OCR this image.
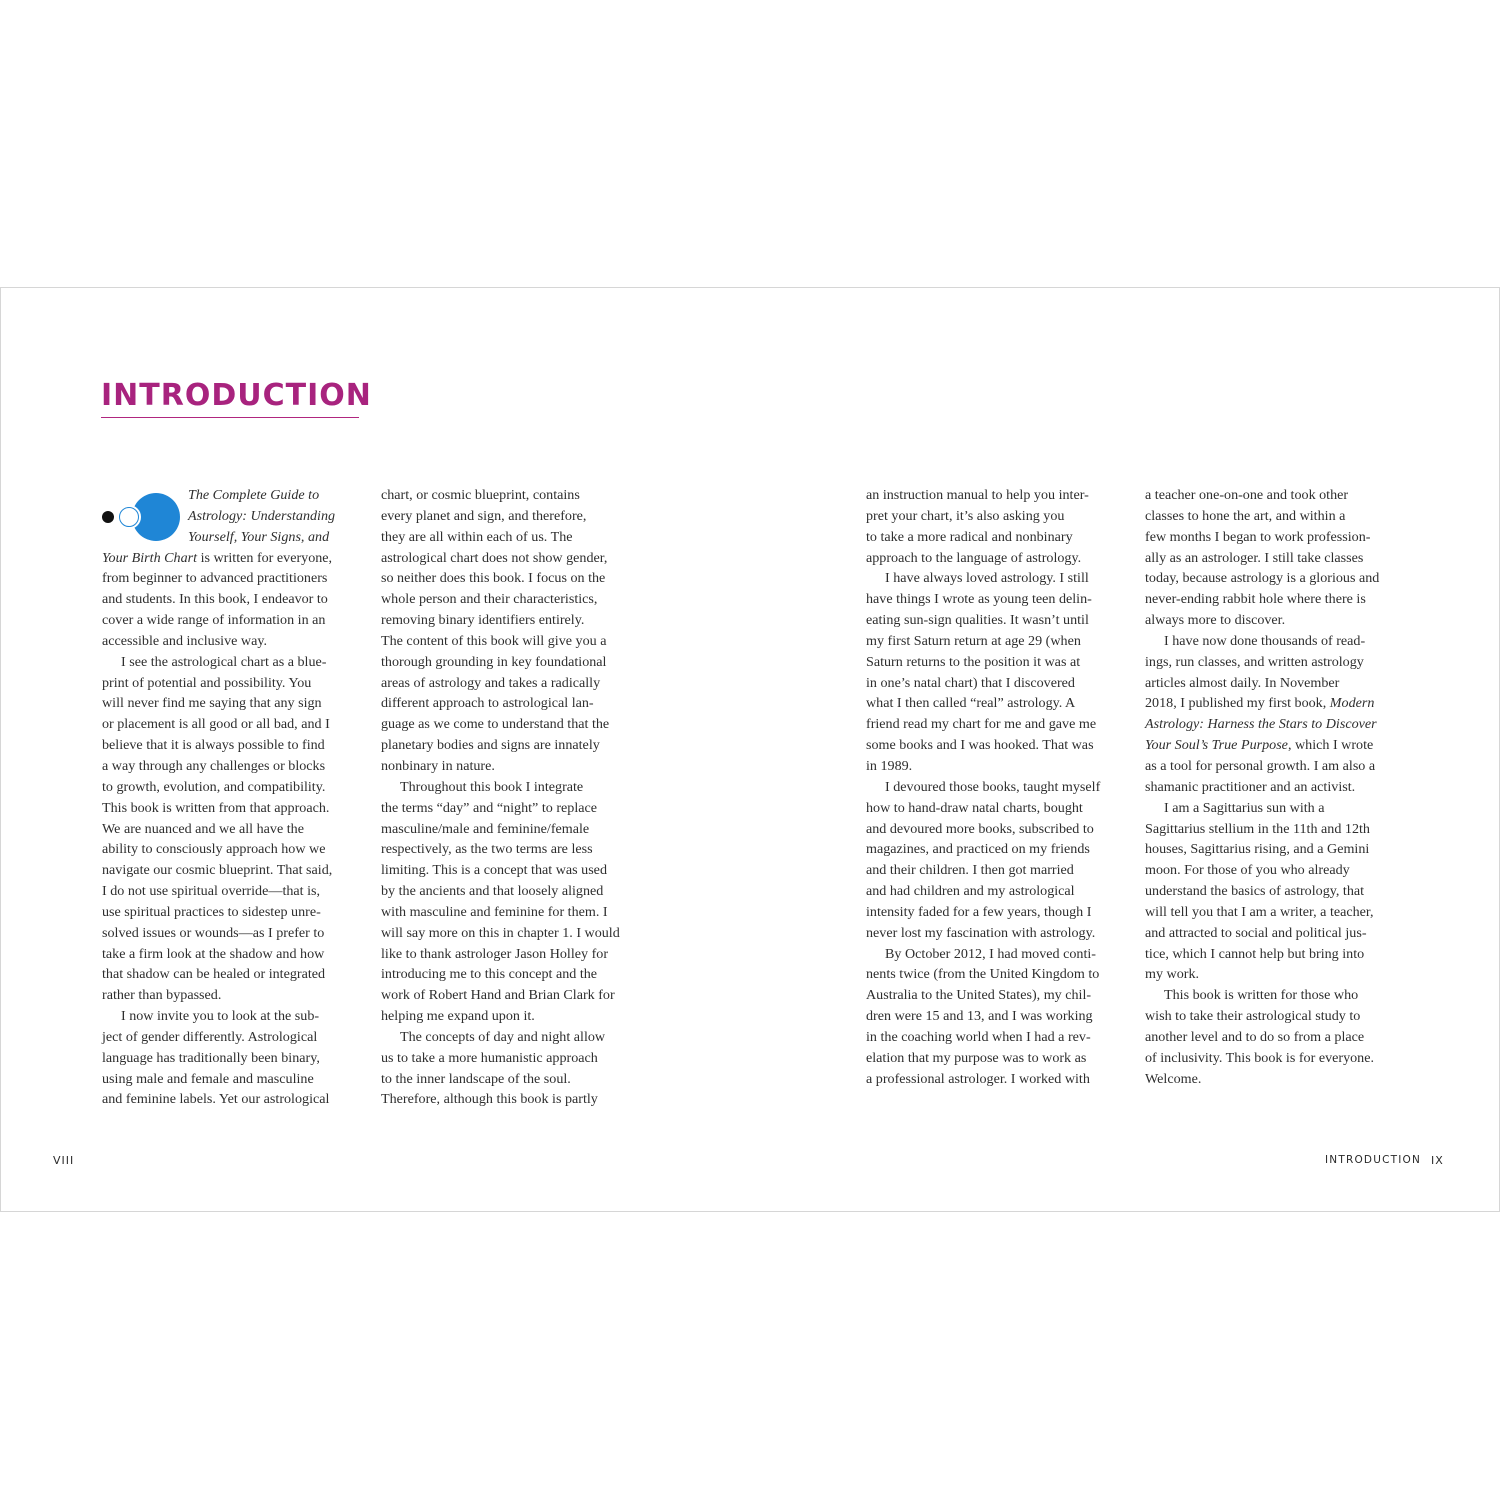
INTRODUCTION
The Complete Guide to
Astrology: Understanding
Yourself, Your Signs, and
Your Birth Chart is written for everyone,
from beginner to advanced practitioners
and students. In this book, I endeavor to
cover a wide range of information in an
accessible and inclusive way.
I see the astrological chart as a blue-
print of potential and possibility. You
will never find me saying that any sign
or placement is all good or all bad, and I
believe that it is always possible to find
a way through any challenges or blocks
to growth, evolution, and compatibility.
This book is written from that approach.
We are nuanced and we all have the
ability to consciously approach how we
navigate our cosmic blueprint. That said,
I do not use spiritual override—that is,
use spiritual practices to sidestep unre-
solved issues or wounds—as I prefer to
take a firm look at the shadow and how
that shadow can be healed or integrated
rather than bypassed.
I now invite you to look at the sub-
ject of gender differently. Astrological
language has traditionally been binary,
using male and female and masculine
and feminine labels. Yet our astrological
chart, or cosmic blueprint, contains
every planet and sign, and therefore,
they are all within each of us. The
astrological chart does not show gender,
so neither does this book. I focus on the
whole person and their characteristics,
removing binary identifiers entirely.
The content of this book will give you a
thorough grounding in key foundational
areas of astrology and takes a radically
different approach to astrological lan-
guage as we come to understand that the
planetary bodies and signs are innately
nonbinary in nature.
Throughout this book I integrate
the terms “day” and “night” to replace
masculine/male and feminine/female
respectively, as the two terms are less
limiting. This is a concept that was used
by the ancients and that loosely aligned
with masculine and feminine for them. I
will say more on this in chapter 1. I would
like to thank astrologer Jason Holley for
introducing me to this concept and the
work of Robert Hand and Brian Clark for
helping me expand upon it.
The concepts of day and night allow
us to take a more humanistic approach
to the inner landscape of the soul.
Therefore, although this book is partly
an instruction manual to help you inter-
pret your chart, it’s also asking you
to take a more radical and nonbinary
approach to the language of astrology.
I have always loved astrology. I still
have things I wrote as young teen delin-
eating sun-sign qualities. It wasn’t until
my first Saturn return at age 29 (when
Saturn returns to the position it was at
in one’s natal chart) that I discovered
what I then called “real” astrology. A
friend read my chart for me and gave me
some books and I was hooked. That was
in 1989.
I devoured those books, taught myself
how to hand-draw natal charts, bought
and devoured more books, subscribed to
magazines, and practiced on my friends
and their children. I then got married
and had children and my astrological
intensity faded for a few years, though I
never lost my fascination with astrology.
By October 2012, I had moved conti-
nents twice (from the United Kingdom to
Australia to the United States), my chil-
dren were 15 and 13, and I was working
in the coaching world when I had a rev-
elation that my purpose was to work as
a professional astrologer. I worked with
a teacher one-on-one and took other
classes to hone the art, and within a
few months I began to work profession-
ally as an astrologer. I still take classes
today, because astrology is a glorious and
never-ending rabbit hole where there is
always more to discover.
I have now done thousands of read-
ings, run classes, and written astrology
articles almost daily. In November
2018, I published my first book, Modern
Astrology: Harness the Stars to Discover
Your Soul’s True Purpose, which I wrote
as a tool for personal growth. I am also a
shamanic practitioner and an activist.
I am a Sagittarius sun with a
Sagittarius stellium in the 11th and 12th
houses, Sagittarius rising, and a Gemini
moon. For those of you who already
understand the basics of astrology, that
will tell you that I am a writer, a teacher,
and attracted to social and political jus-
tice, which I cannot help but bring into
my work.
This book is written for those who
wish to take their astrological study to
another level and to do so from a place
of inclusivity. This book is for everyone.
Welcome.
VIII	INTRODUCTION IX
